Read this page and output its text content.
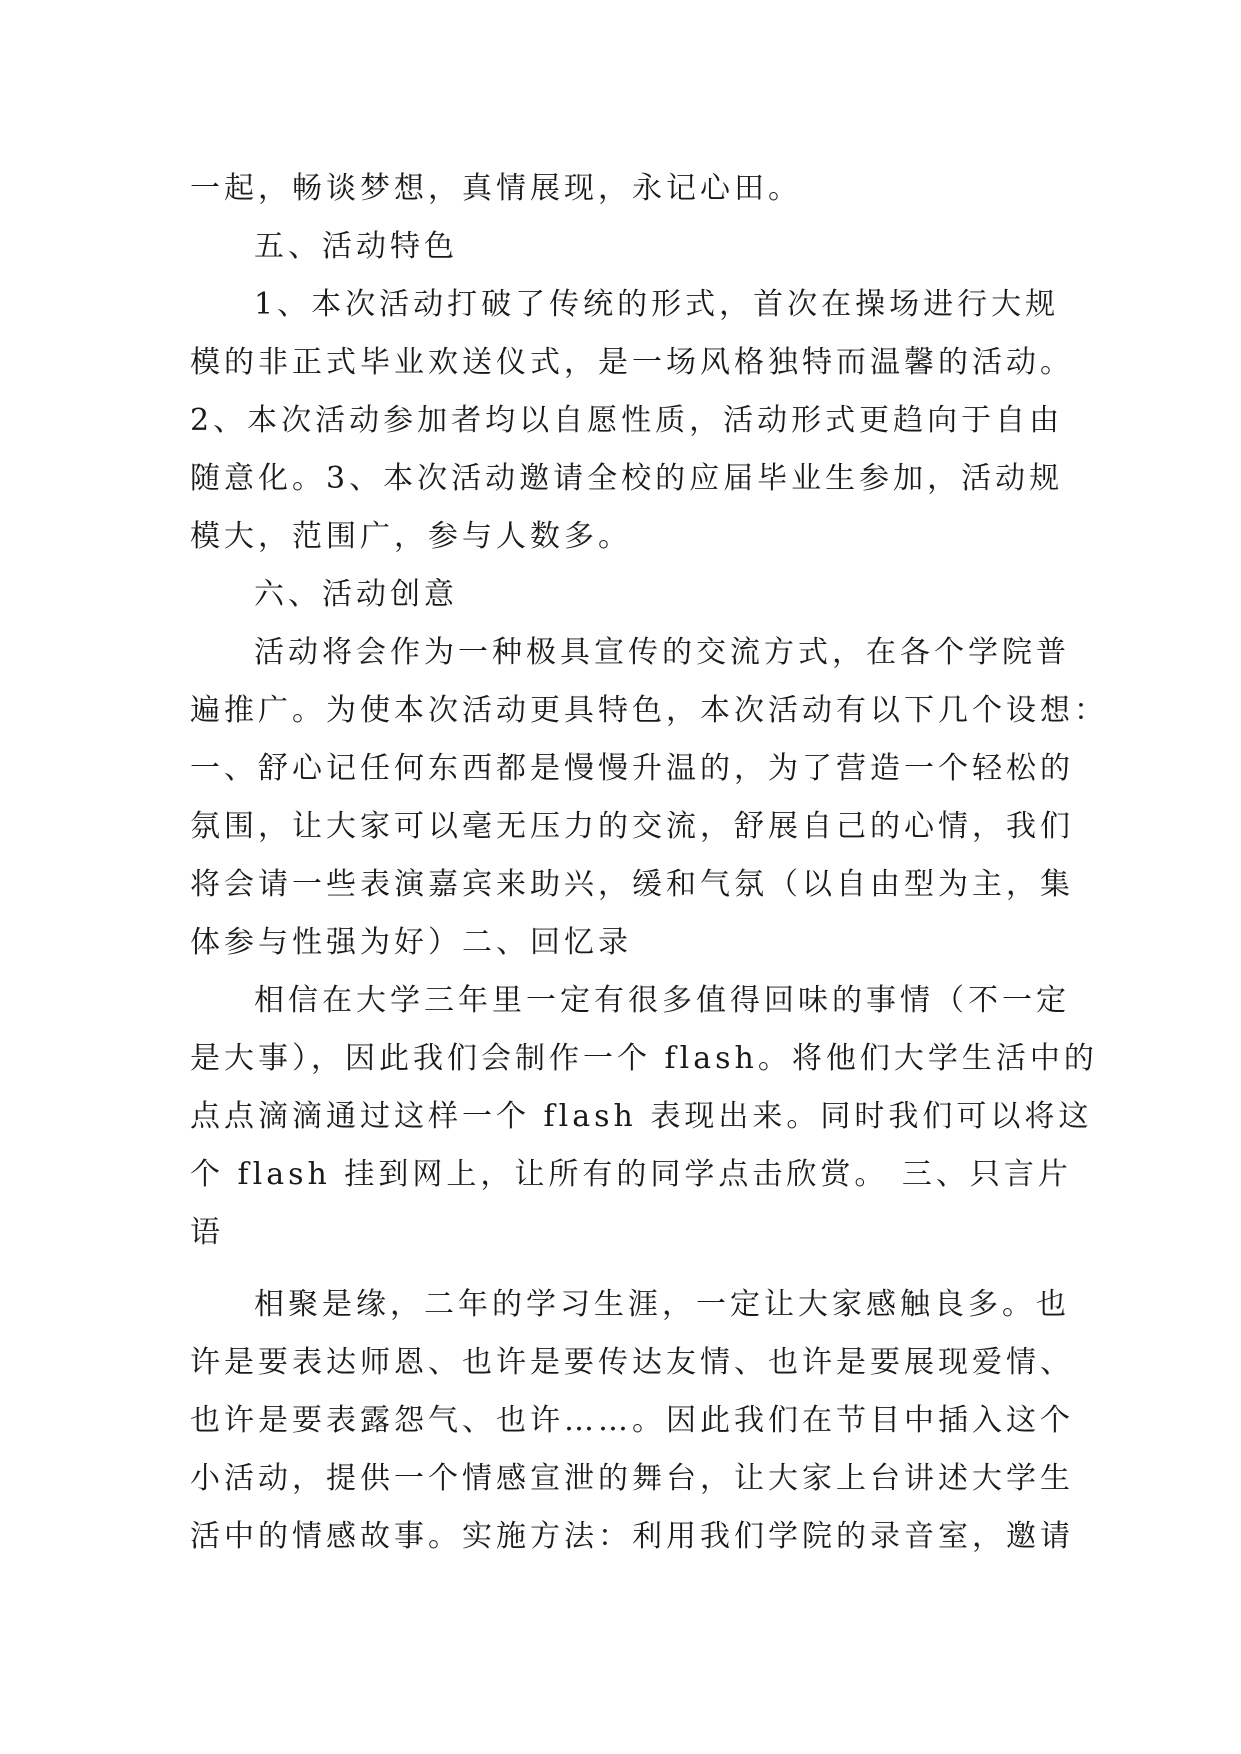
一起，畅谈梦想，真情展现，永记心田。
五、活动特色
1、本次活动打破了传统的形式，首次在操场进行大规
模的非正式毕业欢送仪式，是一场风格独特而温馨的活动。
2、本次活动参加者均以自愿性质，活动形式更趋向于自由
随意化。3、本次活动邀请全校的应届毕业生参加，活动规
模大，范围广，参与人数多。
六、活动创意
活动将会作为一种极具宣传的交流方式，在各个学院普
遍推广。为使本次活动更具特色，本次活动有以下几个设想：
一、舒心记任何东西都是慢慢升温的，为了营造一个轻松的
氛围，让大家可以毫无压力的交流，舒展自己的心情，我们
将会请一些表演嘉宾来助兴，缓和气氛（以自由型为主，集
体参与性强为好）二、回忆录
相信在大学三年里一定有很多值得回味的事情（不一定
是大事），因此我们会制作一个 flash。将他们大学生活中的
点点滴滴通过这样一个 flash 表现出来。同时我们可以将这
个 flash 挂到网上，让所有的同学点击欣赏。 三、只言片
语
相聚是缘，二年的学习生涯，一定让大家感触良多。也
许是要表达师恩、也许是要传达友情、也许是要展现爱情、
也许是要表露怨气、也许……。因此我们在节目中插入这个
小活动，提供一个情感宣泄的舞台，让大家上台讲述大学生
活中的情感故事。实施方法：利用我们学院的录音室，邀请
